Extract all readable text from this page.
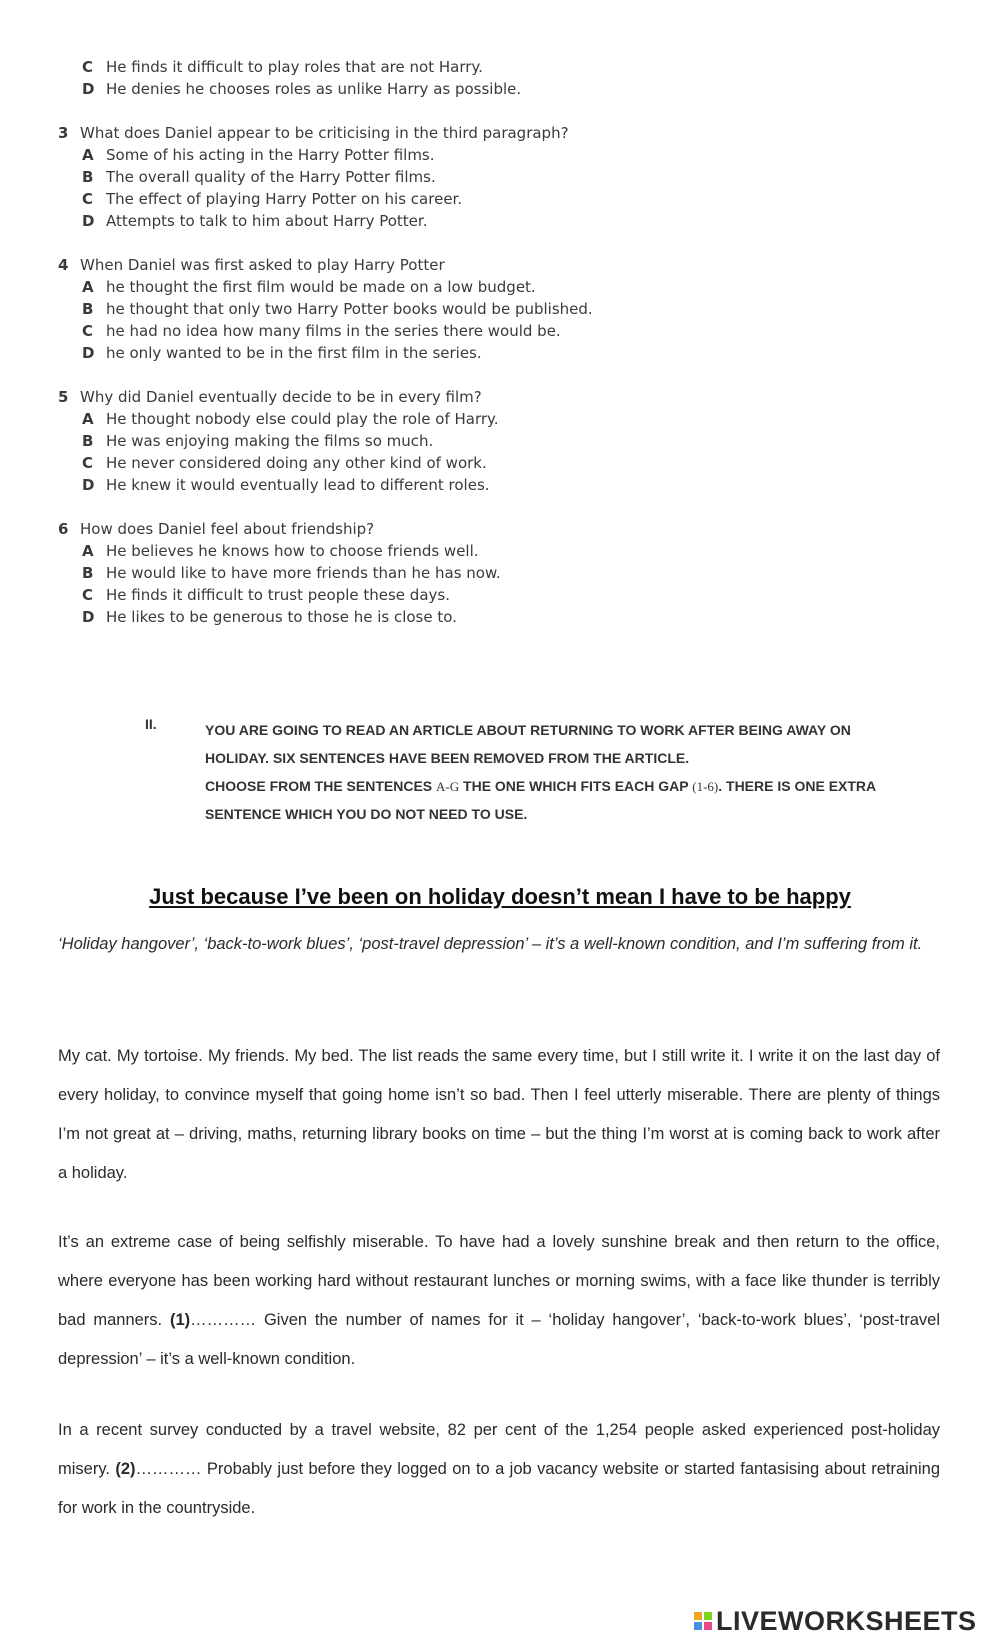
C He finds it difficult to play roles that are not Harry.
D He denies he chooses roles as unlike Harry as possible.
3 What does Daniel appear to be criticising in the third paragraph?
A Some of his acting in the Harry Potter films.
B The overall quality of the Harry Potter films.
C The effect of playing Harry Potter on his career.
D Attempts to talk to him about Harry Potter.
4 When Daniel was first asked to play Harry Potter
A he thought the first film would be made on a low budget.
B he thought that only two Harry Potter books would be published.
C he had no idea how many films in the series there would be.
D he only wanted to be in the first film in the series.
5 Why did Daniel eventually decide to be in every film?
A He thought nobody else could play the role of Harry.
B He was enjoying making the films so much.
C He never considered doing any other kind of work.
D He knew it would eventually lead to different roles.
6 How does Daniel feel about friendship?
A He believes he knows how to choose friends well.
B He would like to have more friends than he has now.
C He finds it difficult to trust people these days.
D He likes to be generous to those he is close to.
II.	YOU ARE GOING TO READ AN ARTICLE ABOUT RETURNING TO WORK AFTER BEING AWAY ON
HOLIDAY. SIX SENTENCES HAVE BEEN REMOVED FROM THE ARTICLE.
CHOOSE FROM THE SENTENCES A-G THE ONE WHICH FITS EACH GAP (1-6). THERE IS ONE EXTRA
SENTENCE WHICH YOU DO NOT NEED TO USE.
Just because I’ve been on holiday doesn’t mean I have to be happy
‘Holiday hangover’, ‘back-to-work blues’, ‘post-travel depression’ – it’s a well-known condition, and I’m suffering from it.
My cat. My tortoise. My friends. My bed. The list reads the same every time, but I still write it. I write it on the last day of every holiday, to convince myself that going home isn’t so bad. Then I feel utterly miserable. There are plenty of things I’m not great at – driving, maths, returning library books on time – but the thing I’m worst at is coming back to work after a holiday.
It’s an extreme case of being selfishly miserable. To have had a lovely sunshine break and then return to the office, where everyone has been working hard without restaurant lunches or morning swims, with a face like thunder is terribly bad manners. (1)………… Given the number of names for it – ‘holiday hangover’, ‘back-to-work blues’, ‘post-travel depression’ – it’s a well-known condition.
In a recent survey conducted by a travel website, 82 per cent of the 1,254 people asked experienced post-holiday misery. (2)………… Probably just before they logged on to a job vacancy website or started fantasising about retraining for work in the countryside.
LIVEWORKSHEETS
